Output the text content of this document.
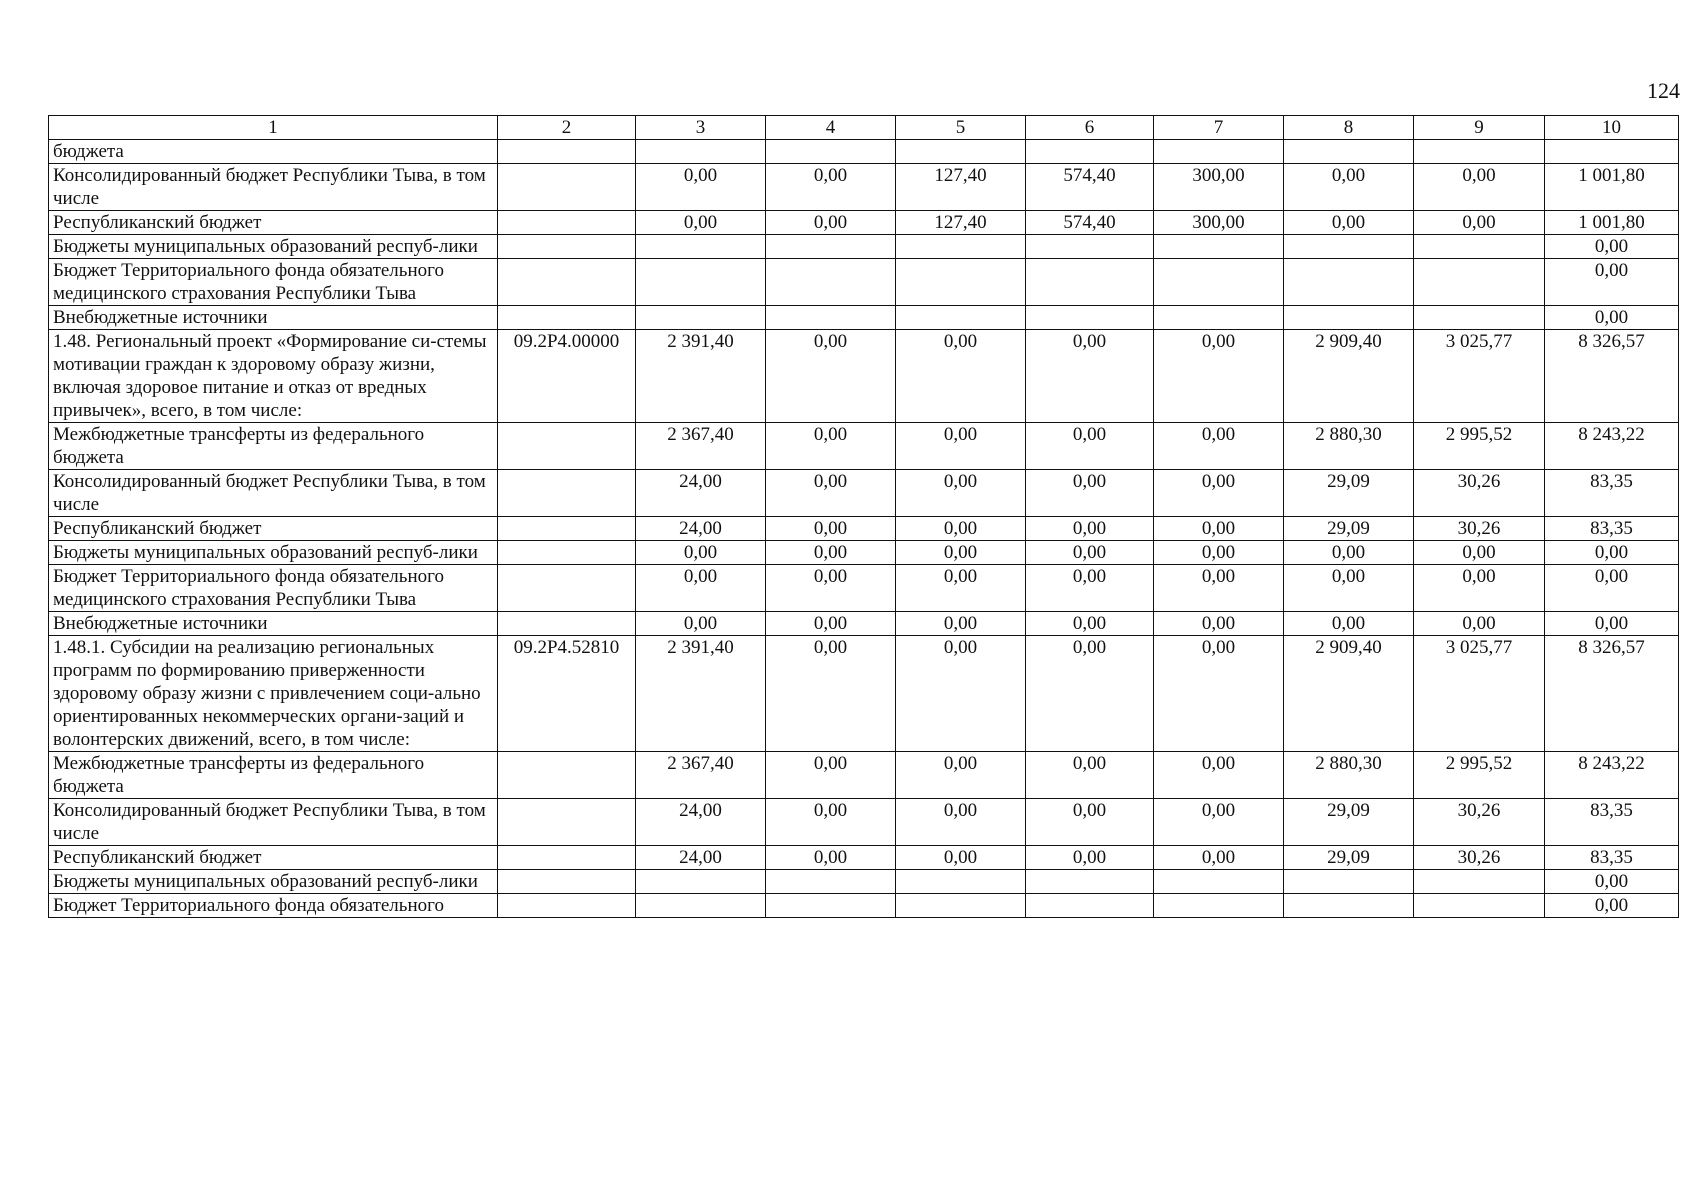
124
1	2	3	4	5	6	7	8	9	10
бюджета									
Консолидированный бюджет Республики Тыва, в том числе		0,00	0,00	127,40	574,40	300,00	0,00	0,00	1 001,80
Республиканский бюджет		0,00	0,00	127,40	574,40	300,00	0,00	0,00	1 001,80
Бюджеты муниципальных образований респуб-лики									0,00
Бюджет Территориального фонда обязательного медицинского страхования Республики Тыва									0,00
Внебюджетные источники									0,00
1.48. Региональный проект «Формирование си-стемы мотивации граждан к здоровому образу жизни, включая здоровое питание и отказ от вредных привычек», всего, в том числе:	09.2P4.00000	2 391,40	0,00	0,00	0,00	0,00	2 909,40	3 025,77	8 326,57
Межбюджетные трансферты из федерального бюджета		2 367,40	0,00	0,00	0,00	0,00	2 880,30	2 995,52	8 243,22
Консолидированный бюджет Республики Тыва, в том числе		24,00	0,00	0,00	0,00	0,00	29,09	30,26	83,35
Республиканский бюджет		24,00	0,00	0,00	0,00	0,00	29,09	30,26	83,35
Бюджеты муниципальных образований респуб-лики		0,00	0,00	0,00	0,00	0,00	0,00	0,00	0,00
Бюджет Территориального фонда обязательного медицинского страхования Республики Тыва		0,00	0,00	0,00	0,00	0,00	0,00	0,00	0,00
Внебюджетные источники		0,00	0,00	0,00	0,00	0,00	0,00	0,00	0,00
1.48.1. Субсидии на реализацию региональных программ по формированию приверженности здоровому образу жизни с привлечением соци-ально ориентированных некоммерческих органи-заций и волонтерских движений, всего, в том числе:	09.2P4.52810	2 391,40	0,00	0,00	0,00	0,00	2 909,40	3 025,77	8 326,57
Межбюджетные трансферты из федерального бюджета		2 367,40	0,00	0,00	0,00	0,00	2 880,30	2 995,52	8 243,22
Консолидированный бюджет Республики Тыва, в том числе		24,00	0,00	0,00	0,00	0,00	29,09	30,26	83,35
Республиканский бюджет		24,00	0,00	0,00	0,00	0,00	29,09	30,26	83,35
Бюджеты муниципальных образований респуб-лики									0,00
Бюджет Территориального фонда обязательного									0,00
